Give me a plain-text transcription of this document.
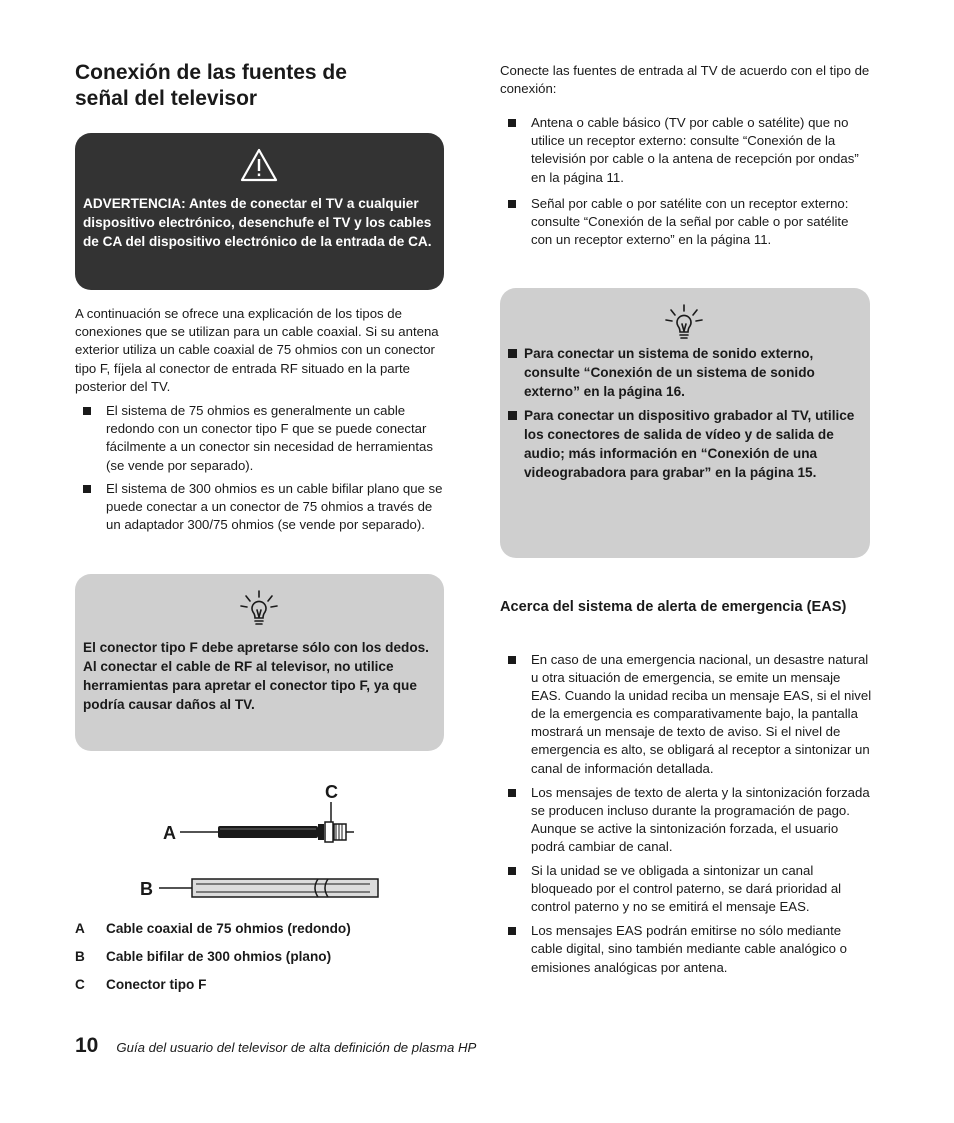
Conexión de las fuentes de
señal del televisor
ADVERTENCIA: Antes de conectar el TV a cualquier dispositivo electrónico, desenchufe el TV y los cables de CA del dispositivo electrónico de la entrada de CA.

A continuación se ofrece una explicación de los tipos de conexiones que se utilizan para un cable coaxial. Si su antena exterior utiliza un cable coaxial de 75 ohmios con un conector tipo F, fíjela al conector de entrada RF situado en la parte posterior del TV.

El sistema de 75 ohmios es generalmente un cable redondo con un conector tipo F que se puede conectar fácilmente a un conector sin necesidad de herramientas (se vende por separado).
El sistema de 300 ohmios es un cable bifilar plano que se puede conectar a un conector de 75 ohmios a través de un adaptador 300/75 ohmios (se vende por separado).
El conector tipo F debe apretarse sólo con los dedos. Al conectar el cable de RF al televisor, no utilice herramientas para apretar el conector tipo F, ya que podría causar daños al TV.
C
A
B
A	Cable coaxial de 75 ohmios (redondo)
B	Cable bifilar de 300 ohmios (plano)
C	Conector tipo F
10 Guía del usuario del televisor de alta definición de plasma HP

Conecte las fuentes de entrada al TV de acuerdo con el tipo de conexión:

Antena o cable básico (TV por cable o satélite) que no utilice un receptor externo: consulte “Conexión de la televisión por cable o la antena de recepción por ondas” en la página 11.
Señal por cable o por satélite con un receptor externo: consulte “Conexión de la señal por cable o por satélite con un receptor externo” en la página 11.
Para conectar un sistema de sonido externo, consulte “Conexión de un sistema de sonido externo” en la página 16.
Para conectar un dispositivo grabador al TV, utilice los conectores de salida de vídeo y de salida de audio; más información en “Conexión de una videograbadora para grabar” en la página 15.
Acerca del sistema de alerta de emergencia (EAS)
En caso de una emergencia nacional, un desastre natural u otra situación de emergencia, se emite un mensaje EAS. Cuando la unidad reciba un mensaje EAS, si el nivel de la emergencia es comparativamente bajo, la pantalla mostrará un mensaje de texto de aviso. Si el nivel de emergencia es alto, se obligará al receptor a sintonizar un canal de información detallada.
Los mensajes de texto de alerta y la sintonización forzada se producen incluso durante la programación de pago. Aunque se active la sintonización forzada, el usuario podrá cambiar de canal.
Si la unidad se ve obligada a sintonizar un canal bloqueado por el control paterno, se dará prioridad al control paterno y no se emitirá el mensaje EAS.
Los mensajes EAS podrán emitirse no sólo mediante cable digital, sino también mediante cable analógico o emisiones analógicas por antena.
